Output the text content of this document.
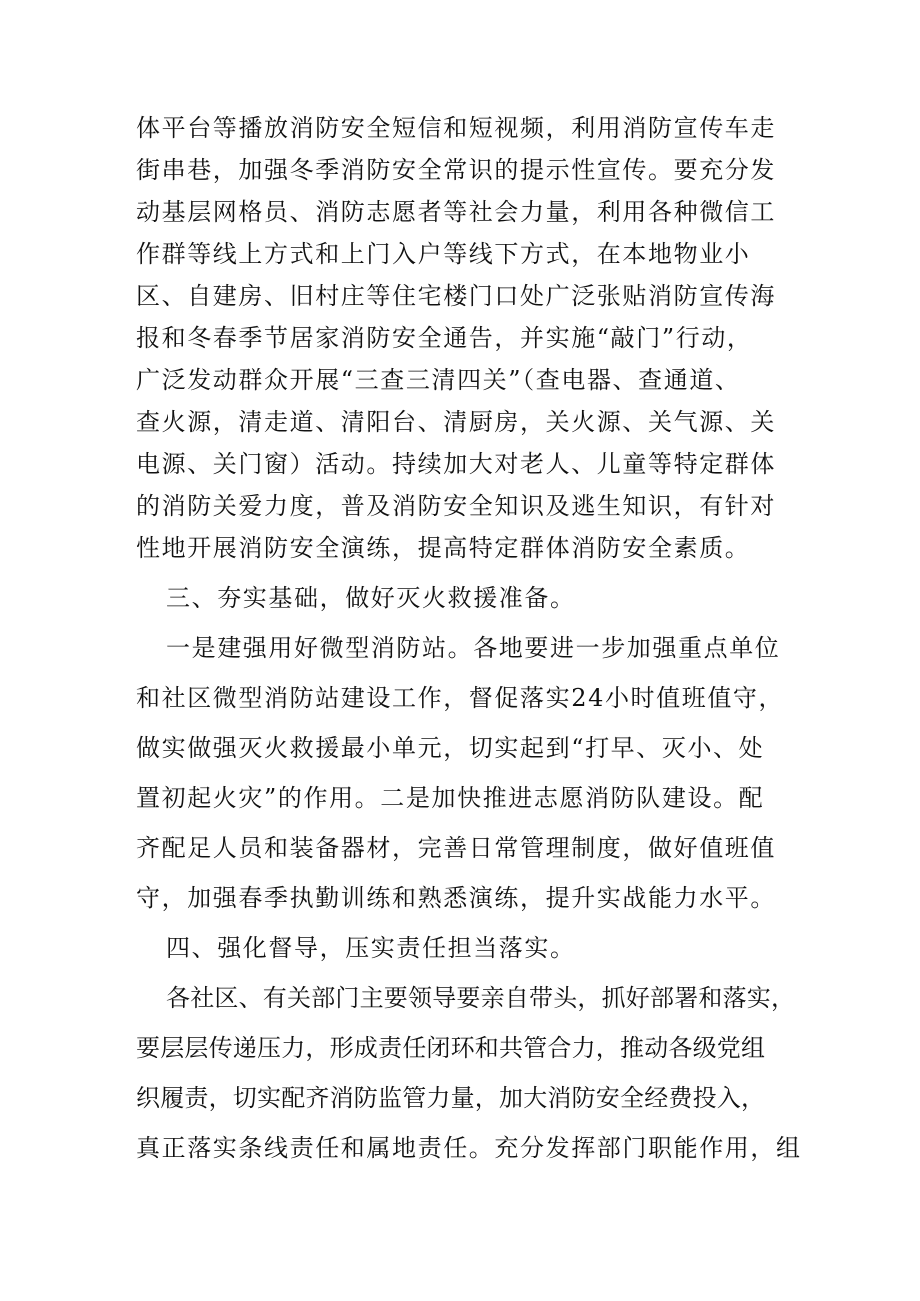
体平台等播放消防安全短信和短视频，利用消防宣传车走
街串巷，加强冬季消防安全常识的提示性宣传。要充分发
动基层网格员、消防志愿者等社会力量，利用各种微信工
作群等线上方式和上门入户等线下方式，在本地物业小
区、自建房、旧村庄等住宅楼门口处广泛张贴消防宣传海
报和冬春季节居家消防安全通告，并实施“敲门”行动，
广泛发动群众开展“三查三清四关”（查电器、查通道、
查火源，清走道、清阳台、清厨房，关火源、关气源、关
电源、关门窗）活动。持续加大对老人、儿童等特定群体
的消防关爱力度，普及消防安全知识及逃生知识，有针对
性地开展消防安全演练，提高特定群体消防安全素质。
三、夯实基础，做好灭火救援准备。
一是建强用好微型消防站。各地要进一步加强重点单位
和社区微型消防站建设工作，督促落实24小时值班值守，
做实做强灭火救援最小单元，切实起到“打早、灭小、处
置初起火灾”的作用。二是加快推进志愿消防队建设。配
齐配足人员和装备器材，完善日常管理制度，做好值班值
守，加强春季执勤训练和熟悉演练，提升实战能力水平。
四、强化督导，压实责任担当落实。
各社区、有关部门主要领导要亲自带头，抓好部署和落实，
要层层传递压力，形成责任闭环和共管合力，推动各级党组
织履责，切实配齐消防监管力量，加大消防安全经费投入，
真正落实条线责任和属地责任。充分发挥部门职能作用，组
